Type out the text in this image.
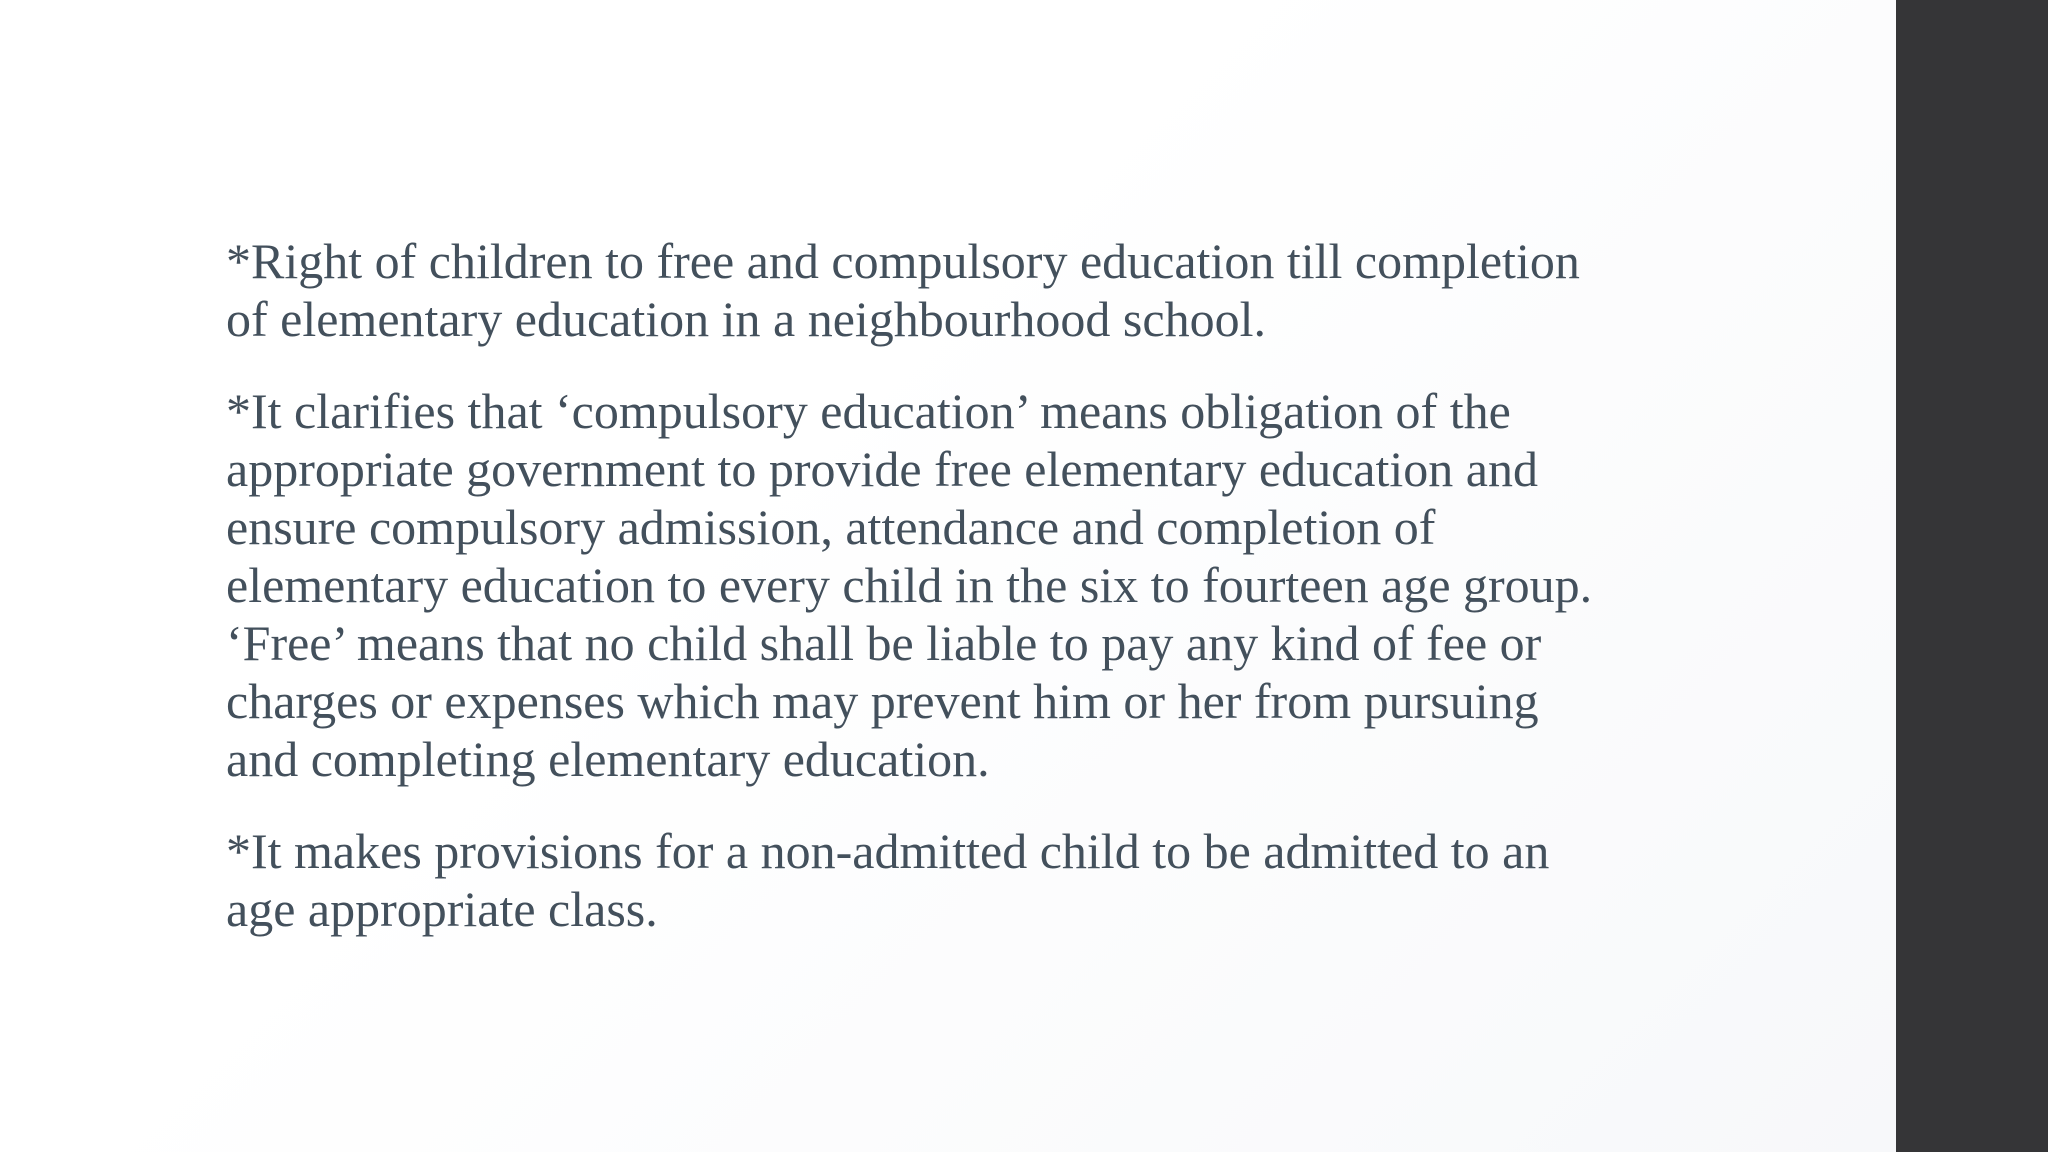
*Right of children to free and compulsory education till completion
of elementary education in a neighbourhood school.

*It clarifies that ‘compulsory education’ means obligation of the
appropriate government to provide free elementary education and
ensure compulsory admission, attendance and completion of
elementary education to every child in the six to fourteen age group.
‘Free’ means that no child shall be liable to pay any kind of fee or
charges or expenses which may prevent him or her from pursuing
and completing elementary education.

*It makes provisions for a non-admitted child to be admitted to an
age appropriate class.
